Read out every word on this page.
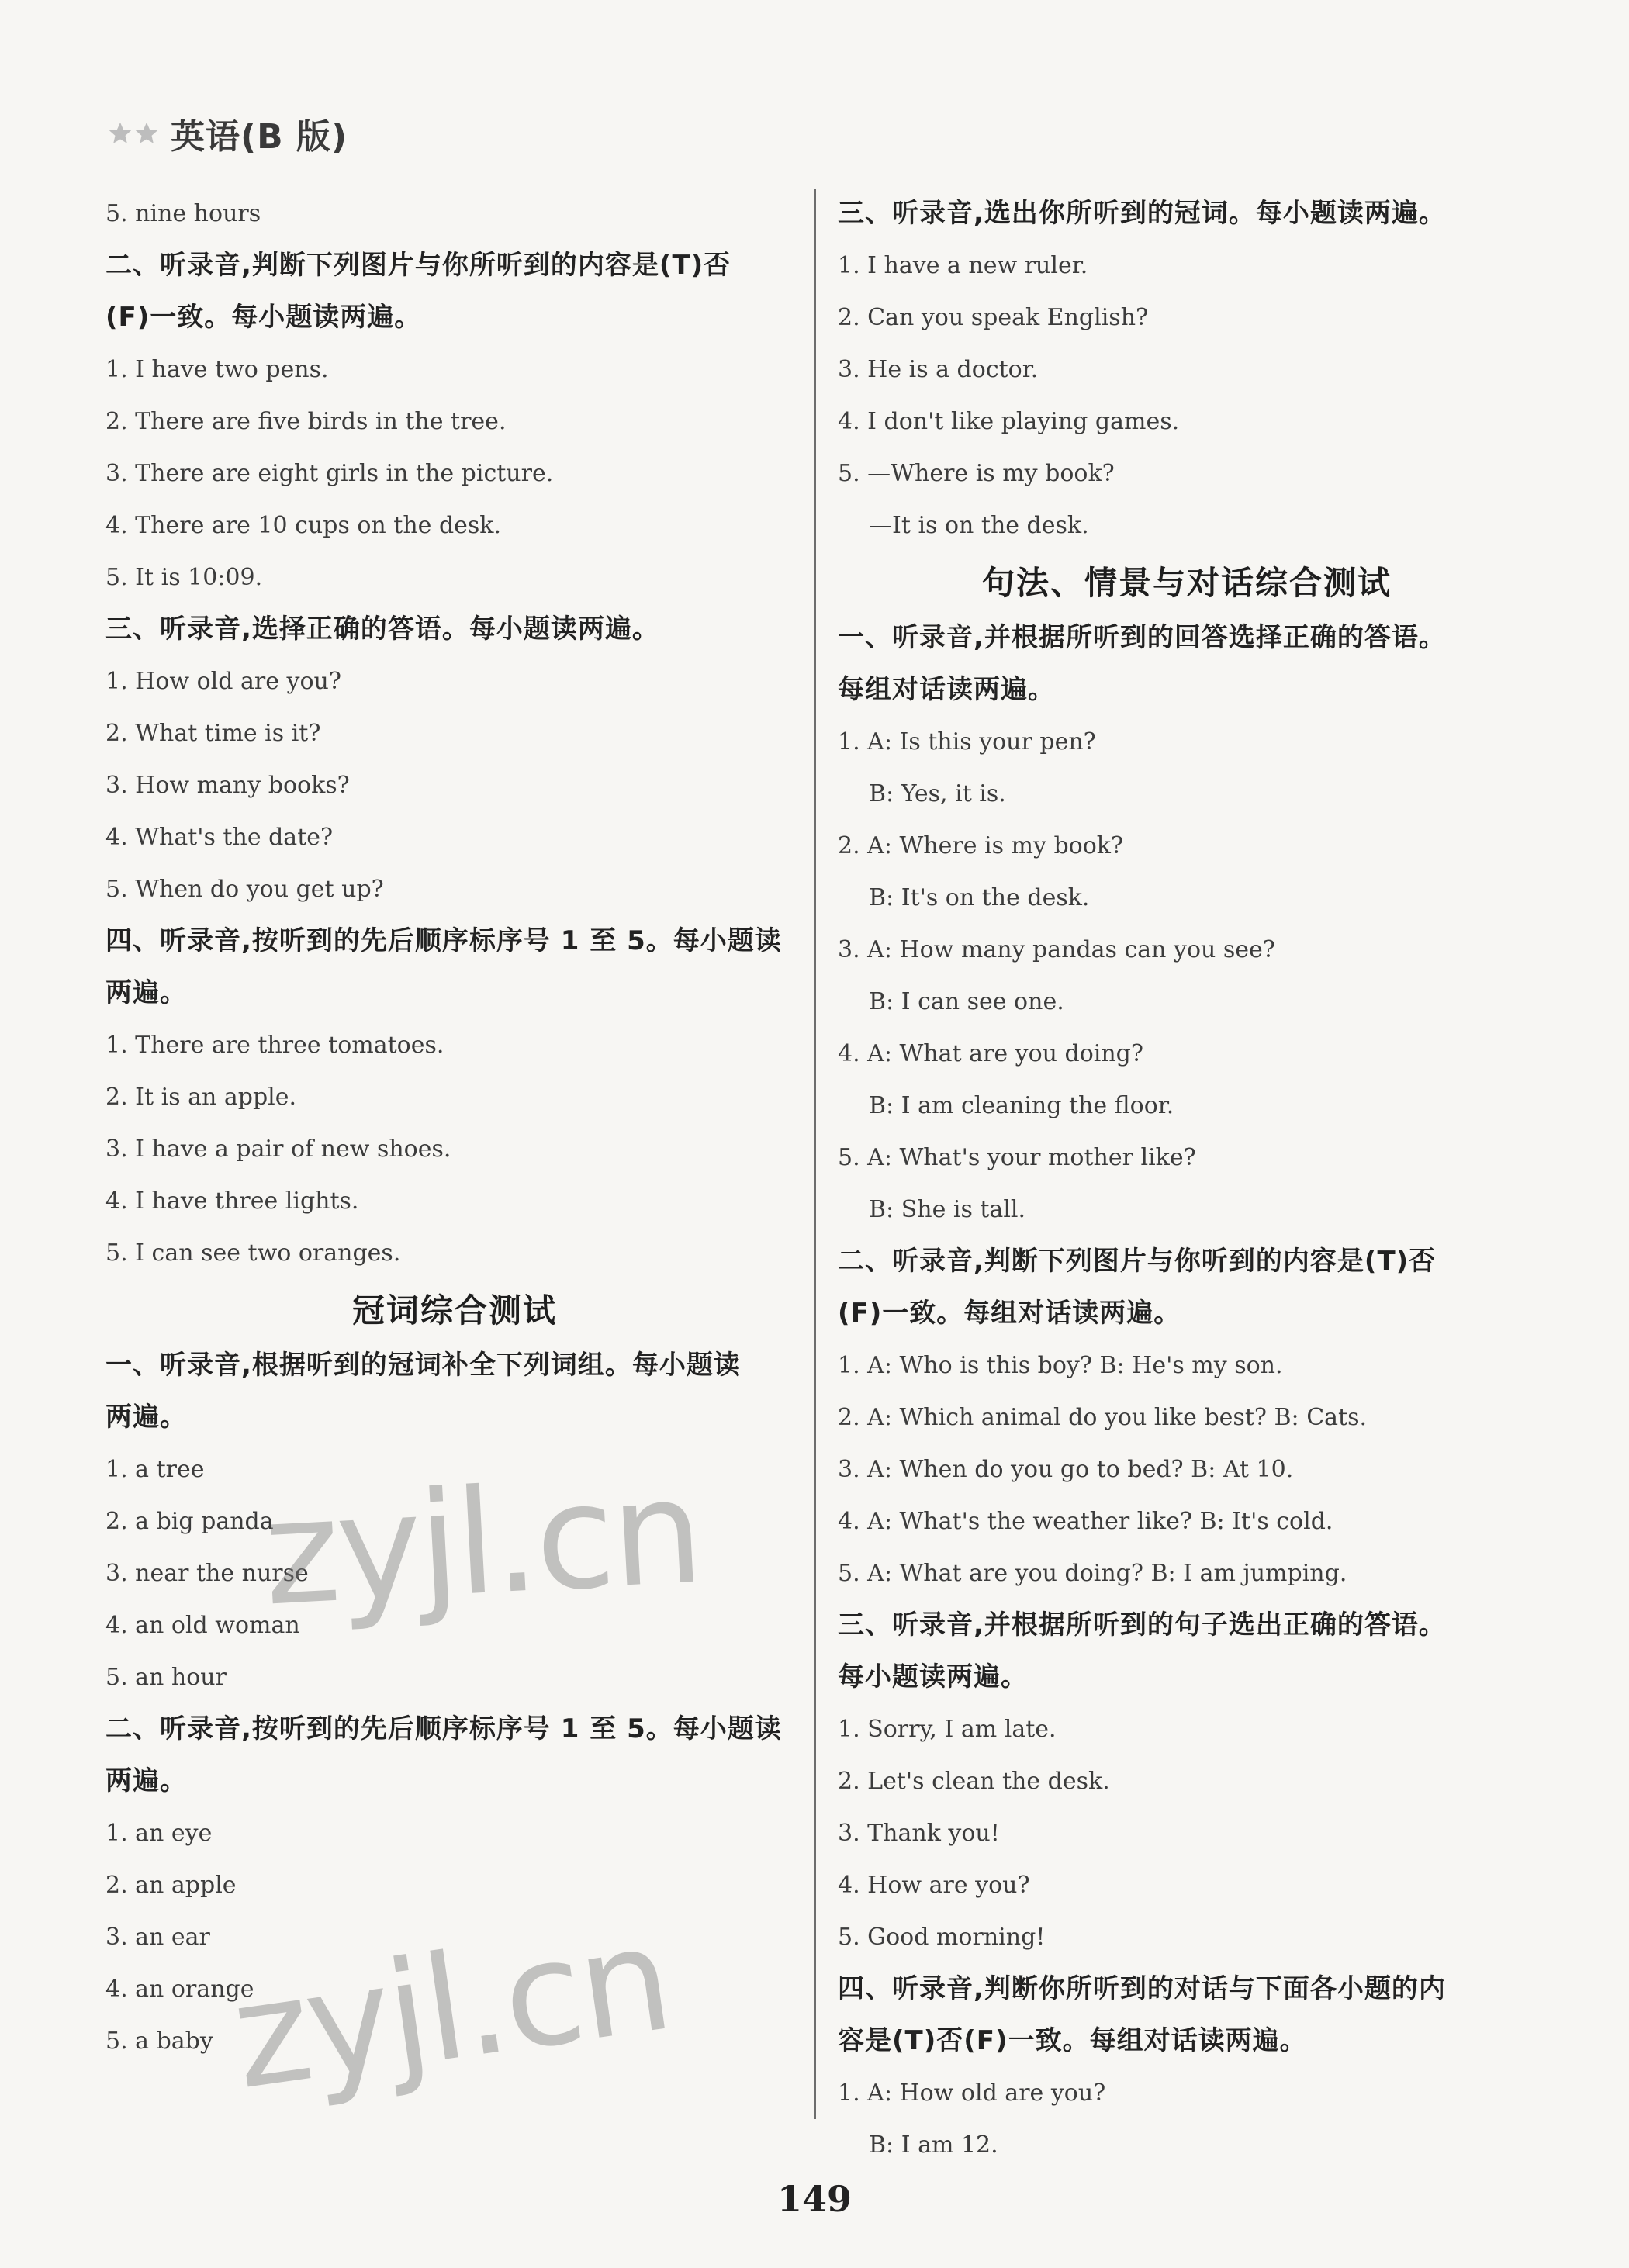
英语(B 版)
5. nine hours
二、听录音,判断下列图片与你所听到的内容是(T)否
(F)一致。每小题读两遍。
1. I have two pens.
2. There are five birds in the tree.
3. There are eight girls in the picture.
4. There are 10 cups on the desk.
5. It is 10:09.
三、听录音,选择正确的答语。每小题读两遍。
1. How old are you?
2. What time is it?
3. How many books?
4. What's the date?
5. When do you get up?
四、听录音,按听到的先后顺序标序号 1 至 5。每小题读
两遍。
1. There are three tomatoes.
2. It is an apple.
3. I have a pair of new shoes.
4. I have three lights.
5. I can see two oranges.
冠词综合测试
一、听录音,根据听到的冠词补全下列词组。每小题读
两遍。
1. a tree
2. a big panda
3. near the nurse
4. an old woman
5. an hour
二、听录音,按听到的先后顺序标序号 1 至 5。每小题读
两遍。
1. an eye
2. an apple
3. an ear
4. an orange
5. a baby
三、听录音,选出你所听到的冠词。每小题读两遍。
1. I have a new ruler.
2. Can you speak English?
3. He is a doctor.
4. I don't like playing games.
5. —Where is my book?
—It is on the desk.
句法、情景与对话综合测试
一、听录音,并根据所听到的回答选择正确的答语。
每组对话读两遍。
1. A: Is this your pen?
B: Yes, it is.
2. A: Where is my book?
B: It's on the desk.
3. A: How many pandas can you see?
B: I can see one.
4. A: What are you doing?
B: I am cleaning the floor.
5. A: What's your mother like?
B: She is tall.
二、听录音,判断下列图片与你听到的内容是(T)否
(F)一致。每组对话读两遍。
1. A: Who is this boy? B: He's my son.
2. A: Which animal do you like best? B: Cats.
3. A: When do you go to bed? B: At 10.
4. A: What's the weather like? B: It's cold.
5. A: What are you doing? B: I am jumping.
三、听录音,并根据所听到的句子选出正确的答语。
每小题读两遍。
1. Sorry, I am late.
2. Let's clean the desk.
3. Thank you!
4. How are you?
5. Good morning!
四、听录音,判断你所听到的对话与下面各小题的内
容是(T)否(F)一致。每组对话读两遍。
1. A: How old are you?
B: I am 12.
zyjl.cn
zyjl.cn
149
